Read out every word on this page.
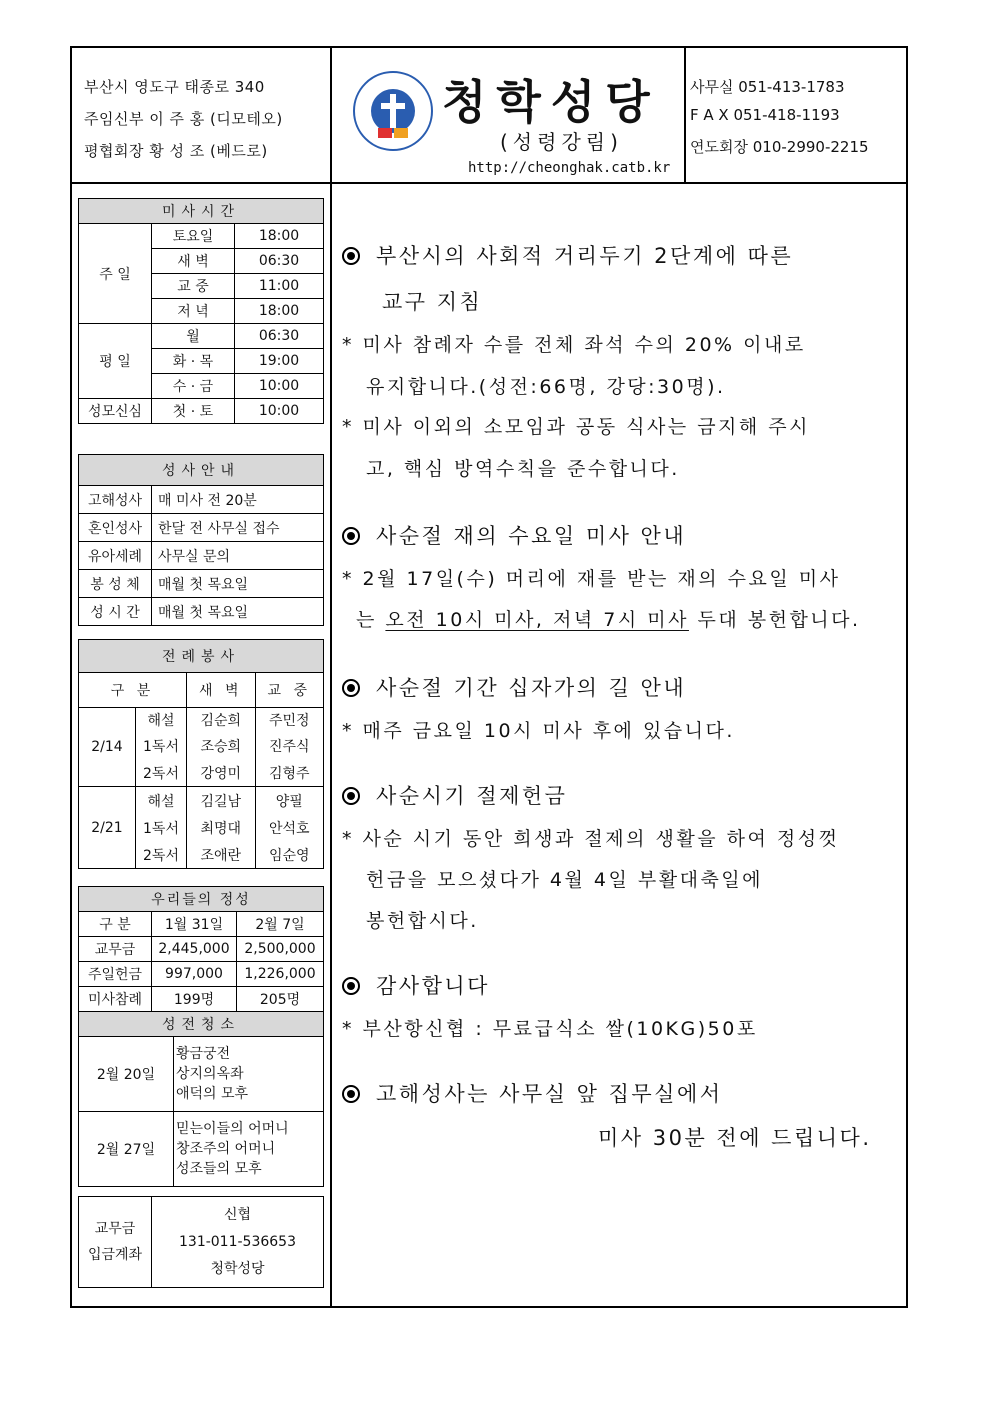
부산시 영도구 태종로 340
주임신부 이 주 홍 (디모테오)
평협회장 황 성 조 (베드로)
청학성당
(성령강림)
http://cheonghak.catb.kr
사무실 051-413-1783
F A X 051-418-1193
연도회장 010-2990-2215
미사시간		
주 일	토요일	18:00
	새 벽	06:30
	교 중	11:00
	저 녁	18:00
평 일	월	06:30
	화 · 목	19:00
	수 · 금	10:00
성모신심	첫 · 토	10:00
성사안내	
고해성사	매 미사 전 20분
혼인성사	한달 전 사무실 접수
유아세례	사무실 문의
봉 성 체	매월 첫 목요일
성 시 간	매월 첫 목요일
전례봉사			
구 분		새 벽	교 중
2/14	해설	김순희	주민정
	1독서	조승희	진주식
	2독서	강영미	김형주
2/21	해설	김길남	양필
	1독서	최명대	안석호
	2독서	조애란	임순영
우리들의 정성		
구 분	1월 31일	2월 7일
교무금	2,445,000	2,500,000
주일헌금	997,000	1,226,000
미사참례	199명	205명
성전청소	
2월 20일	황금궁전
상지의옥좌
애덕의 모후

2월 27일	믿는이들의 어머니
창조주의 어머니
성조들의 모후
교무금
입금계좌

신협
131-011-536653
청학성당
부산시의 사회적 거리두기 2단계에 따른
교구 지침
* 미사 참례자 수를 전체 좌석 수의 20% 이내로
유지합니다.(성전:66명, 강당:30명).
* 미사 이외의 소모임과 공동 식사는 금지해 주시
고, 핵심 방역수칙을 준수합니다.
사순절 재의 수요일 미사 안내
* 2월 17일(수) 머리에 재를 받는 재의 수요일 미사
는 오전 10시 미사, 저녁 7시 미사 두대 봉헌합니다.
사순절 기간 십자가의 길 안내
* 매주 금요일 10시 미사 후에 있습니다.
사순시기 절제헌금
* 사순 시기 동안 희생과 절제의 생활을 하여 정성껏
헌금을 모으셨다가 4월 4일 부활대축일에
봉헌합시다.
감사합니다
* 부산항신협 : 무료급식소 쌀(10KG)50포
고해성사는 사무실 앞 집무실에서
미사 30분 전에 드립니다.
